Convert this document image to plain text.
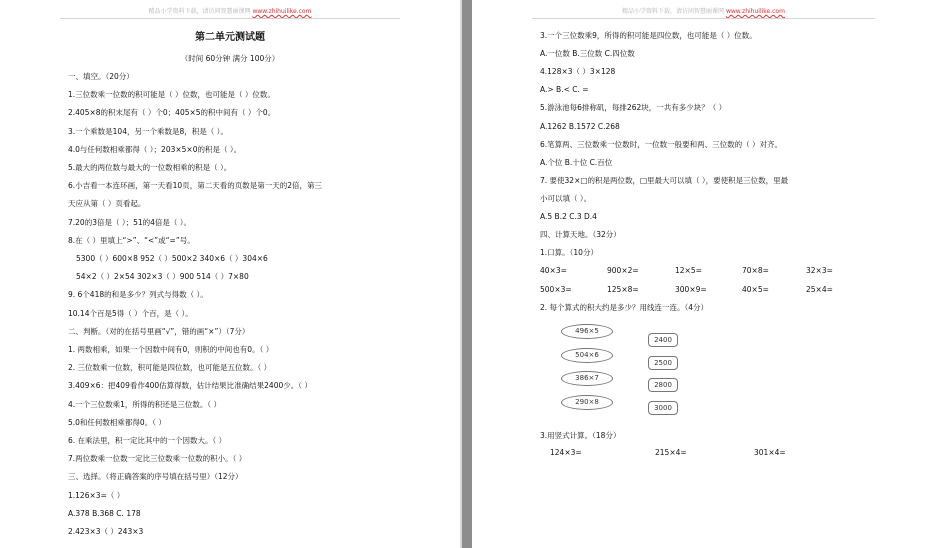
精品小学资料下载，请访问智慧丽课网 www.zhihuilike.com
第二单元测试题
（时间 60分钟 满分 100分）
一、填空。（20分）
1.三位数乘一位数的积可能是（ ）位数，也可能是（ ）位数。
2.405×8的积末尾有（ ）个0；405×5的积中间有（ ）个0。
3.一个乘数是104，另一个乘数是8，积是（ ）。
4.0与任何数相乘都得（ ）；203×5×0的积是（ ）。
5.最大的两位数与最大的一位数相乘的积是（ ）。
6.小吉看一本连环画，第一天看10页，第二天看的页数是第一天的2倍，第三
天应从第（ ）页看起。
7.20的3倍是（ ）；51的4倍是（ ）。
8.在（ ）里填上“>”、“<”或“=”号。
5300（ ）600×8 952（ ）500×2 340×6（ ）304×6
54×2（ ）2×54 302×3（ ）900 514（ ）7×80
9. 6个418的和是多少？列式与得数（ ）。
10.14个百是5得（ ）个百，是（ ）。
二、判断。（对的在括号里画“√”，错的画“×”）（7分）
1. 两数相乘，如果一个因数中间有0，则积的中间也有0。（ ）
2. 三位数乘一位数，积可能是四位数，也可能是五位数。（ ）
3.409×6：把409看作400估算得数，估计结果比准确结果2400少。（ ）
4.一个三位数乘1，所得的积还是三位数。（ ）
5.0和任何数相乘都得0。（ ）
6. 在乘法里，积一定比其中的一个因数大。（ ）
7.两位数乘一位数一定比三位数乘一位数的积小。（ ）
三、选择。（将正确答案的序号填在括号里）（12分）
1.126×3=（ ）
A.378 B.368 C. 178
2.423×3（ ）243×3
精品小学资料下载，请访问智慧丽课网 www.zhihuilike.com
3.一个三位数乘9，所得的积可能是四位数，也可能是（ ）位数。
A.一位数 B.三位数 C.四位数
4.128×3（ ）3×128
A.> B.< C. =
5.游泳池每6排称矶，每排262块，一共有多少块？（ ）
A.1262 B.1572 C.268
6.笔算两、三位数乘一位数时，一位数一般要和两、三位数的（ ）对齐。
A.个位 B.十位 C.百位
7. 要使32×□的积是两位数，□里最大可以填（ ），要使积是三位数，里最
小可以填（ ）。
A.5 B.2 C.3 D.4
四、计算天地。（32分）
1.口算。（10分）
40×3=	900×2=	12×5=	70×8=	32×3=
500×3=	125×8=	300×9=	40×5=	25×4=
2. 每个算式的积大约是多少？用线连一连。（4分）
496×5
504×6
386×7
290×8
2400
2500
2800
3000
3.用竖式计算。（18分）
124×3=	215×4=	301×4=
